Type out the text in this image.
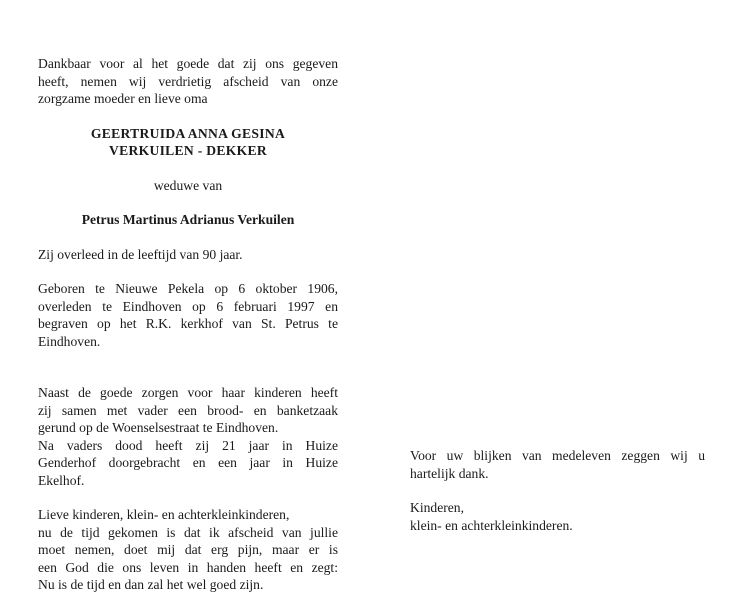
Dankbaar voor al het goede dat zij ons gegeven
heeft, nemen wij verdrietig afscheid van onze
zorgzame moeder en lieve oma
GEERTRUIDA ANNA GESINA
VERKUILEN - DEKKER

weduwe van

Petrus Martinus Adrianus Verkuilen

Zij overleed in de leeftijd van 90 jaar.

Geboren te Nieuwe Pekela op 6 oktober 1906,
overleden te Eindhoven op 6 februari 1997 en
begraven op het R.K. kerkhof van St. Petrus te
Eindhoven.
Naast de goede zorgen voor haar kinderen heeft
zij samen met vader een brood- en banketzaak
gerund op de Woenselsestraat te Eindhoven.
Na vaders dood heeft zij 21 jaar in Huize
Genderhof doorgebracht en een jaar in Huize
Ekelhof.
Lieve kinderen, klein- en achterkleinkinderen,
nu de tijd gekomen is dat ik afscheid van jullie
moet nemen, doet mij dat erg pijn, maar er is
een God die ons leven in handen heeft en zegt:
Nu is de tijd en dan zal het wel goed zijn.
Voor uw blijken van medeleven zeggen wij u
hartelijk dank.
Kinderen,
klein- en achterkleinkinderen.
